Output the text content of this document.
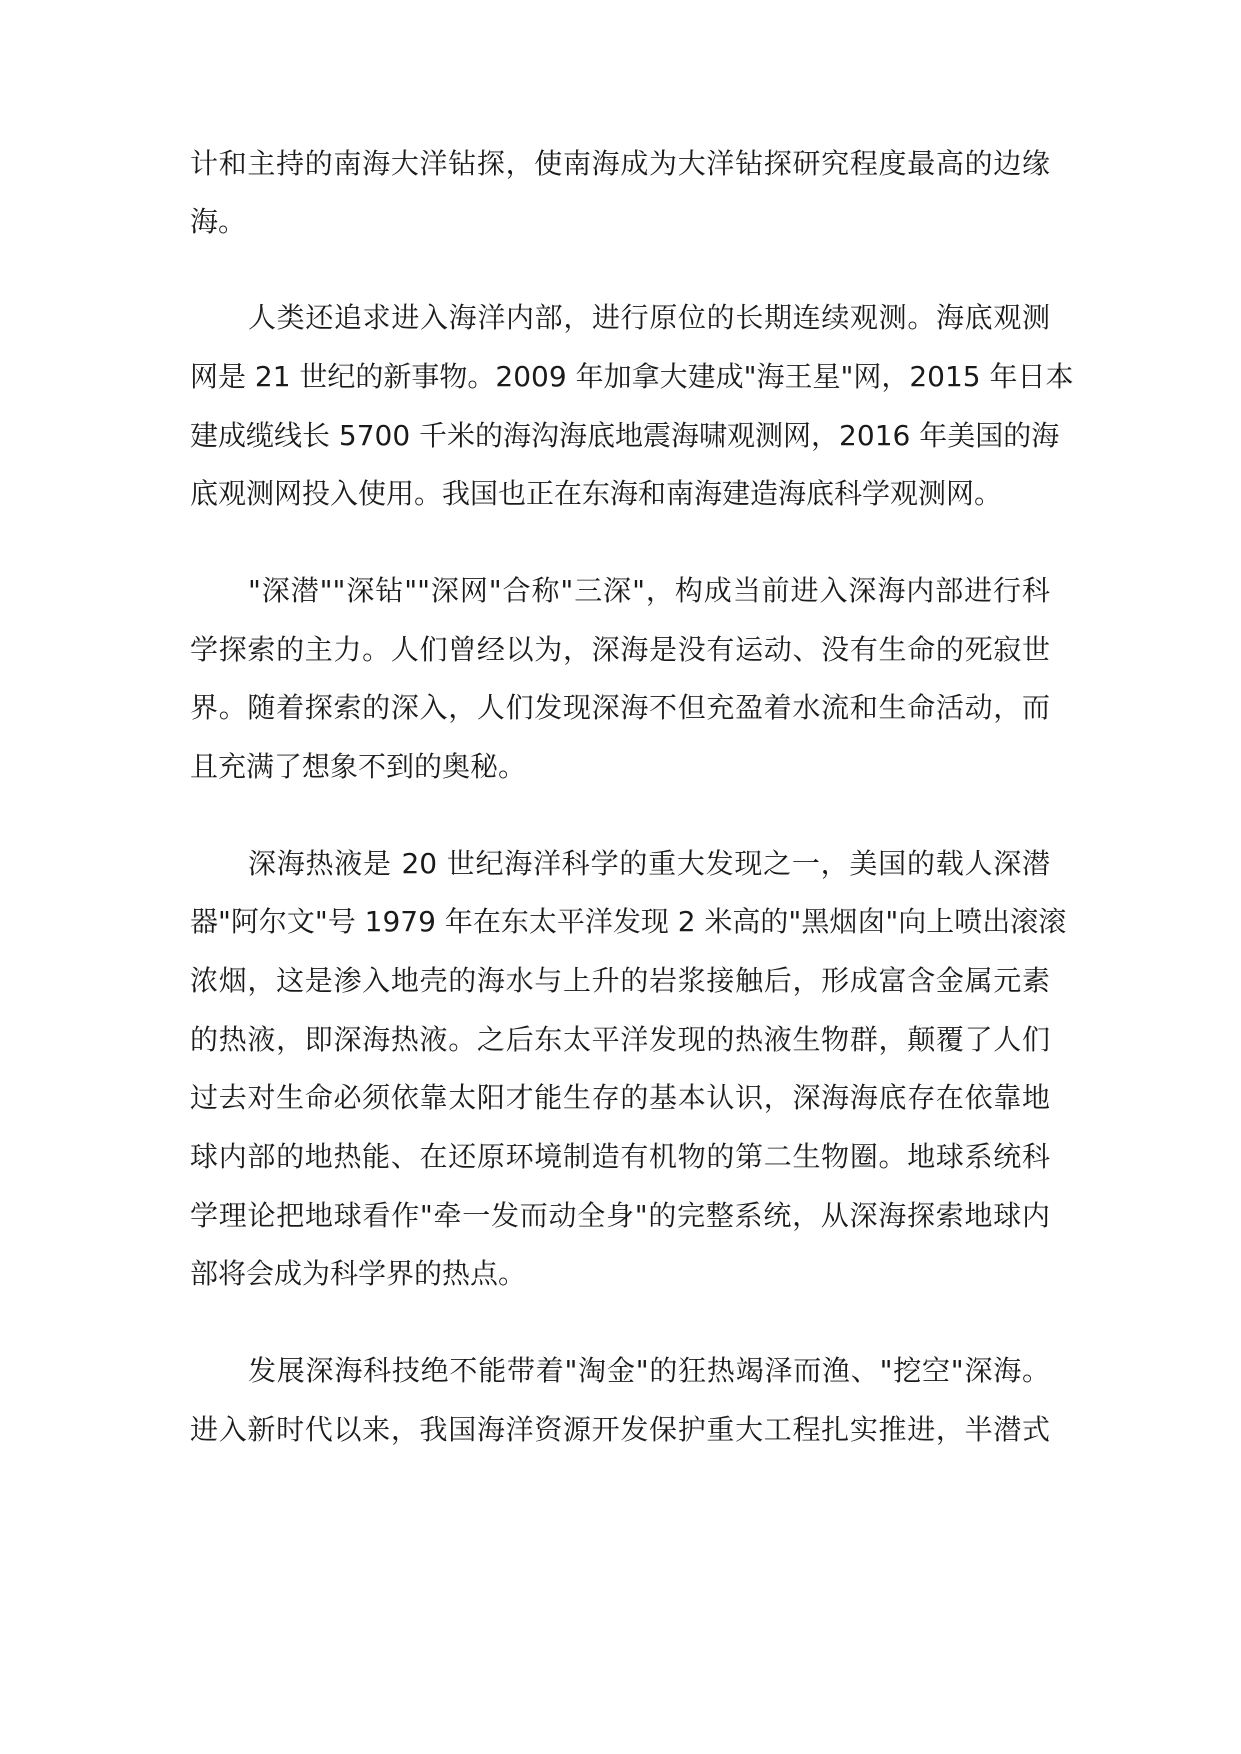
计和主持的南海大洋钻探，使南海成为大洋钻探研究程度最高的边缘
海。
人类还追求进入海洋内部，进行原位的长期连续观测。海底观测
网是 21 世纪的新事物。2009 年加拿大建成"海王星"网，2015 年日本
建成缆线长 5700 千米的海沟海底地震海啸观测网，2016 年美国的海
底观测网投入使用。我国也正在东海和南海建造海底科学观测网。
"深潜""深钻""深网"合称"三深"，构成当前进入深海内部进行科
学探索的主力。人们曾经以为，深海是没有运动、没有生命的死寂世
界。随着探索的深入，人们发现深海不但充盈着水流和生命活动，而
且充满了想象不到的奥秘。
深海热液是 20 世纪海洋科学的重大发现之一，美国的载人深潜
器"阿尔文"号 1979 年在东太平洋发现 2 米高的"黑烟囱"向上喷出滚滚
浓烟，这是渗入地壳的海水与上升的岩浆接触后，形成富含金属元素
的热液，即深海热液。之后东太平洋发现的热液生物群，颠覆了人们
过去对生命必须依靠太阳才能生存的基本认识，深海海底存在依靠地
球内部的地热能、在还原环境制造有机物的第二生物圈。地球系统科
学理论把地球看作"牵一发而动全身"的完整系统，从深海探索地球内
部将会成为科学界的热点。
发展深海科技绝不能带着"淘金"的狂热竭泽而渔、"挖空"深海。
进入新时代以来，我国海洋资源开发保护重大工程扎实推进，半潜式
